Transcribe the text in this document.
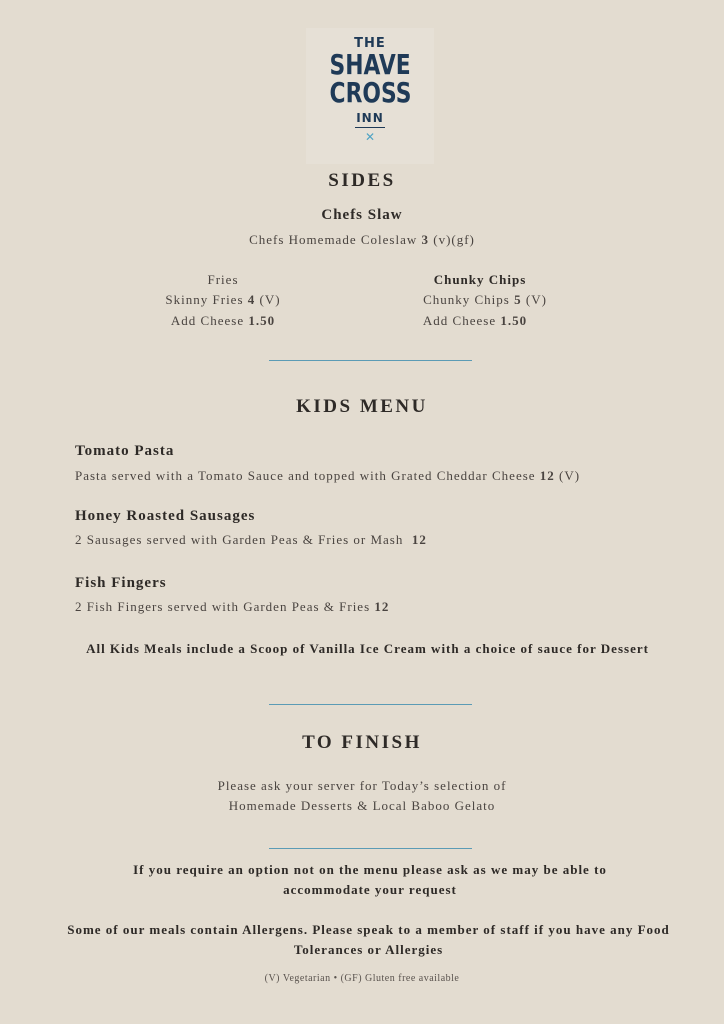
THE
SHAVE
CROSS
INN
✕
SIDES
Chefs Slaw
Chefs Homemade Coleslaw 3 (v)(gf)
Fries
Skinny Fries 4 (V)
Add Cheese 1.50
Chunky Chips
Chunky Chips 5 (V)
Add Cheese 1.50
KIDS MENU
Tomato Pasta
Pasta served with a Tomato Sauce and topped with Grated Cheddar Cheese 12 (V)
Honey Roasted Sausages
2 Sausages served with Garden Peas & Fries or Mash 12
Fish Fingers
2 Fish Fingers served with Garden Peas & Fries 12
All Kids Meals include a Scoop of Vanilla Ice Cream with a choice of sauce for Dessert
TO FINISH
Please ask your server for Today’s selection of
Homemade Desserts & Local Baboo Gelato
If you require an option not on the menu please ask as we may be able to accommodate your request
Some of our meals contain Allergens. Please speak to a member of staff if you have any Food Tolerances or Allergies
(V) Vegetarian • (GF) Gluten free available
